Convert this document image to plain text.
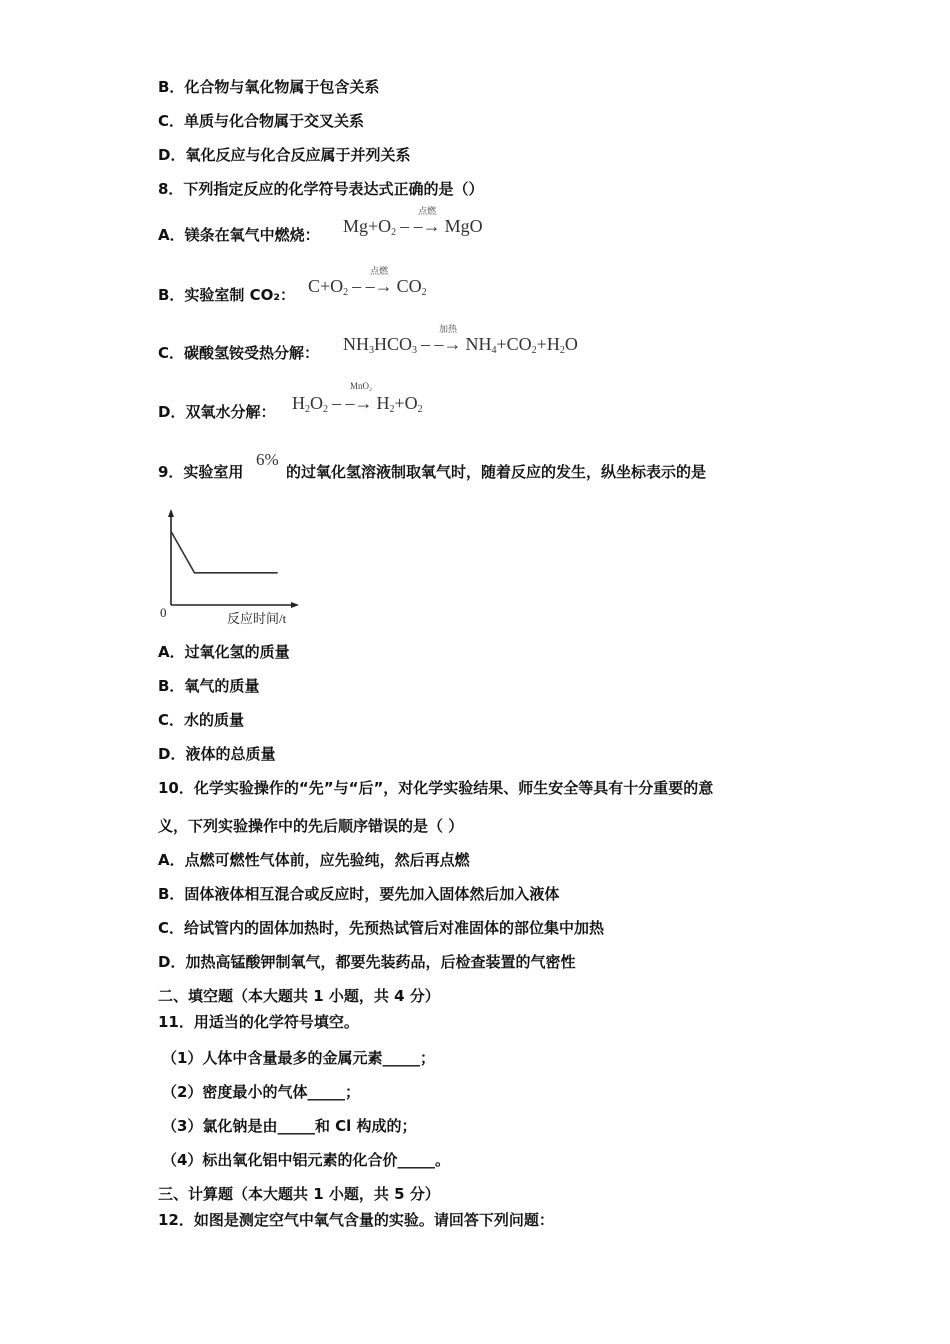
B．化合物与氧化物属于包含关系
C．单质与化合物属于交叉关系
D．氧化反应与化合反应属于并列关系
8．下列指定反应的化学符号表达式正确的是（）
A．镁条在氧气中燃烧： $Mg+O_2$
点燃
– –→ MgO
B．实验室制 CO₂： $C+O_2$
点燃
– –→ $CO_2$
C．碳酸氢铵受热分解： $NH_3HCO_3$
加热
– –→ $NH_4+CO_2+H_2O$
D．双氧水分解： $H_2O_2$
MnO₂
– –→ $H_2+O_2$
9．实验室用
6%
的过氧化氢溶液制取氧气时，随着反应的发生，纵坐标表示的是
0	反应时间/t
A．过氧化氢的质量
B．氧气的质量
C．水的质量
D．液体的总质量
10．化学实验操作的“先”与“后”，对化学实验结果、师生安全等具有十分重要的意
义，下列实验操作中的先后顺序错误的是（ ）
A．点燃可燃性气体前，应先验纯，然后再点燃
B．固体液体相互混合或反应时，要先加入固体然后加入液体
C．给试管内的固体加热时，先预热试管后对准固体的部位集中加热
D．加热高锰酸钾制氧气，都要先装药品，后检查装置的气密性
二、填空题（本大题共 1 小题，共 4 分）
11．用适当的化学符号填空。
（1）人体中含量最多的金属元素_____；
（2）密度最小的气体_____；
（3）氯化钠是由_____和 Cl 构成的；
（4）标出氧化铝中铝元素的化合价_____。
三、计算题（本大题共 1 小题，共 5 分）
12．如图是测定空气中氧气含量的实验。请回答下列问题：
